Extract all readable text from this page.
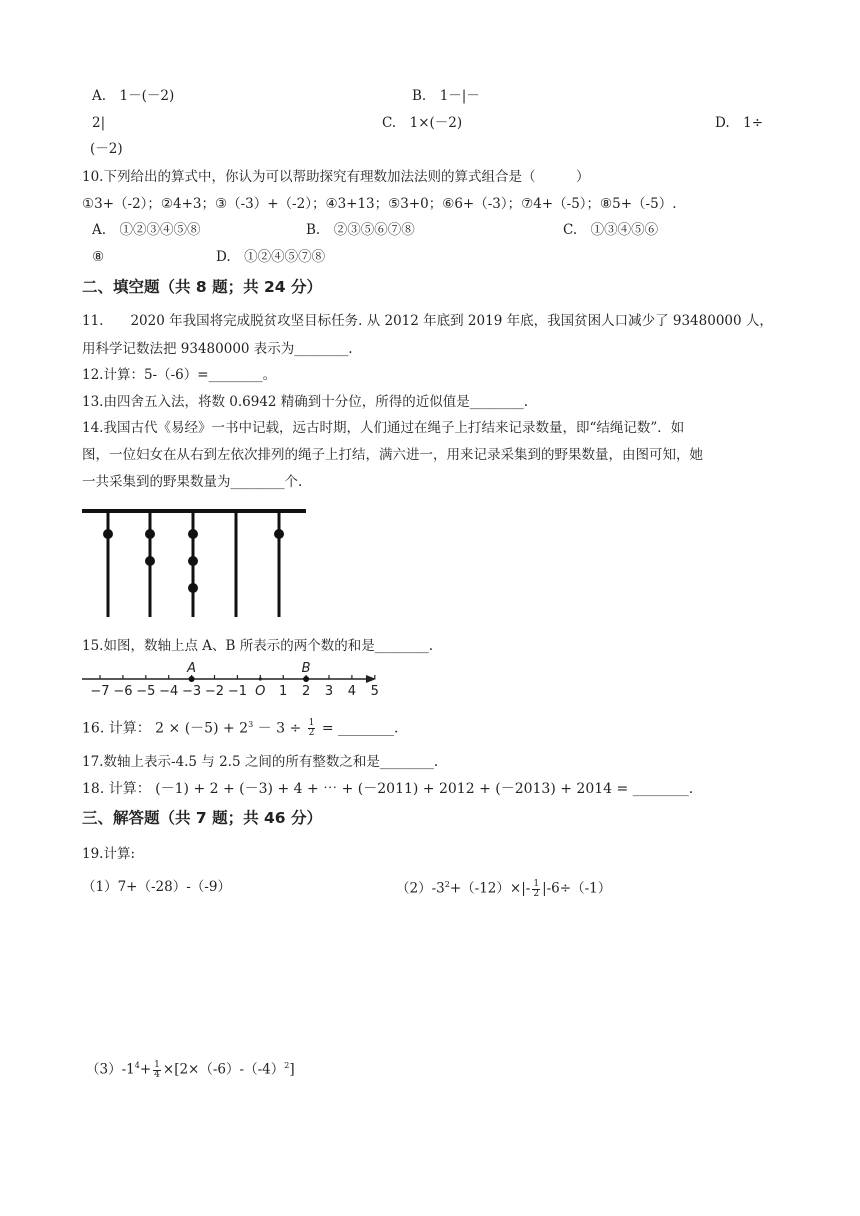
A.　1－(－2)	B.　1－|－
2|	C.　1×(－2)	D.　1÷
(－2)
10.下列给出的算式中，你认为可以帮助探究有理数加法法则的算式组合是（　　　）
①3+（-2）；②4+3；③（-3）+（-2）；④3+13；⑤3+0；⑥6+（-3）；⑦4+（-5）；⑧5+（-5）.
A.　①②③④⑤⑧	B.　②③⑤⑥⑦⑧	C.　①③④⑤⑥
⑧	D.　①②④⑤⑦⑧
二、填空题（共 8 题；共 24 分）
11.　　2020 年我国将完成脱贫攻坚目标任务. 从 2012 年底到 2019 年底，我国贫困人口减少了 93480000 人，
用科学记数法把 93480000 表示为________.
12.计算：5-（-6）=________。
13.由四舍五入法，将数 0.6942 精确到十分位，所得的近似值是________.
14.我国古代《易经》一书中记载，远古时期，人们通过在绳子上打结来记录数量，即“结绳记数”．如
图，一位妇女在从右到左依次排列的绳子上打结，满六进一，用来记录采集到的野果数量，由图可知，她
一共采集到的野果数量为________个.
15.如图，数轴上点 A、B 所表示的两个数的和是________.
−7 −6 −5 −4 −3 −2 −1 O 1 2 3 4 5
A	B
16. 计算： $2 \times (-5) + 2^3 - 3 \div \frac{1}{2}$ = ________.
17.数轴上表示-4.5 与 2.5 之间的所有整数之和是________.
18. 计算： (－1) + 2 + (－3) + 4 + ⋯ + (－2011) + 2012 + (－2013) + 2014 = ________.
三、解答题（共 7 题；共 46 分）
19.计算:
（1）7+（-28）-（-9）	$(2)-3^2+(-12)\times|- \frac{1}{2} |-6\div(-1)$
$(3)-1^4+ \frac{1}{4} \times[2\times(-6)-(-4)^2]$
